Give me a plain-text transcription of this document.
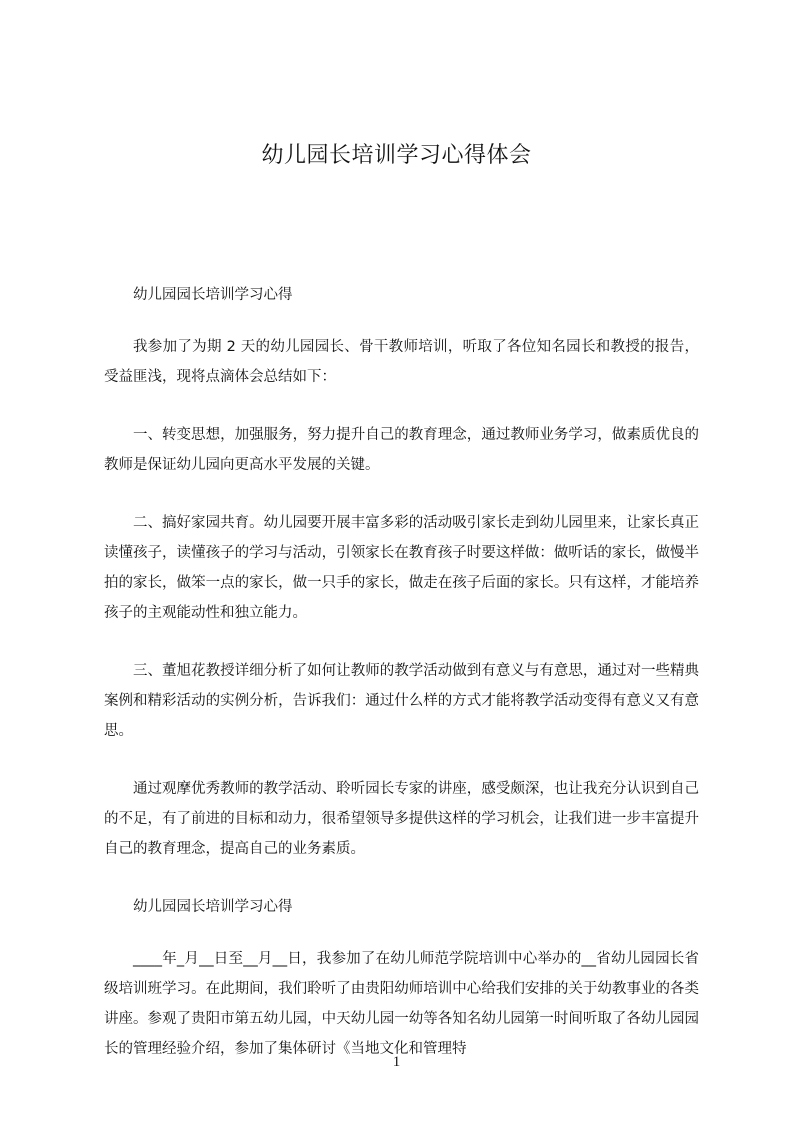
幼儿园长培训学习心得体会

幼儿园园长培训学习心得

我参加了为期 2 天的幼儿园园长、骨干教师培训，听取了各位知名园长和教授的报告，受益匪浅，现将点滴体会总结如下：

一、转变思想，加强服务，努力提升自己的教育理念，通过教师业务学习，做素质优良的教师是保证幼儿园向更高水平发展的关键。

二、搞好家园共育。幼儿园要开展丰富多彩的活动吸引家长走到幼儿园里来，让家长真正读懂孩子，读懂孩子的学习与活动，引领家长在教育孩子时要这样做：做听话的家长，做慢半拍的家长，做笨一点的家长，做一只手的家长，做走在孩子后面的家长。只有这样，才能培养孩子的主观能动性和独立能力。

三、董旭花教授详细分析了如何让教师的教学活动做到有意义与有意思，通过对一些精典案例和精彩活动的实例分析，告诉我们：通过什么样的方式才能将教学活动变得有意义又有意思。

通过观摩优秀教师的教学活动、聆听园长专家的讲座，感受颇深，也让我充分认识到自己的不足，有了前进的目标和动力，很希望领导多提供这样的学习机会，让我们进一步丰富提升自己的教育理念，提高自己的业务素质。

幼儿园园长培训学习心得

____年_月__日至__月__日，我参加了在幼儿师范学院培训中心举办的__省幼儿园园长省级培训班学习。在此期间，我们聆听了由贵阳幼师培训中心给我们安排的关于幼教事业的各类讲座。参观了贵阳市第五幼儿园，中天幼儿园一幼等各知名幼儿园第一时间听取了各幼儿园园长的管理经验介绍，参加了集体研讨《当地文化和管理特

1
